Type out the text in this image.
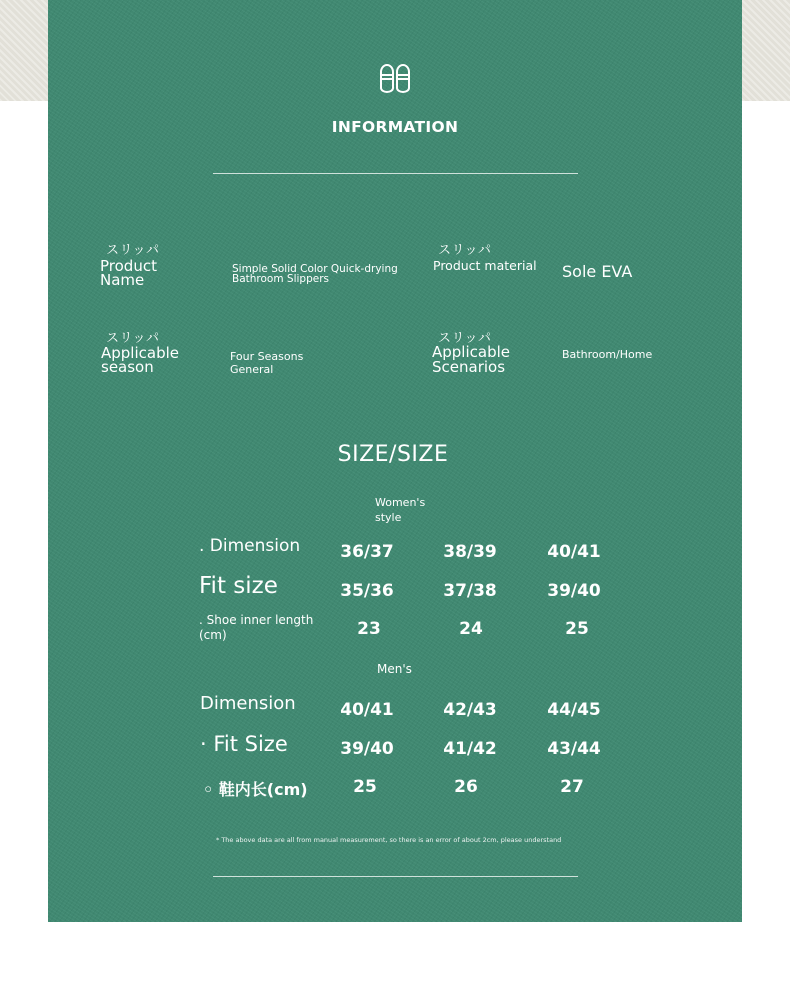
INFORMATION
スリッパ
Product Name
Simple Solid Color Quick-drying Bathroom Slippers
スリッパ
Product material Sole EVA
スリッパ
Applicable season
Four Seasons General
スリッパ
Applicable Scenarios
Bathroom/Home
SIZE/SIZE
Women's style
. Dimension	36/37	38/39	40/41
Fit size	35/36	37/38	39/40
. Shoe inner length (cm)	23	24	25
Men's
Dimension	40/41	42/43	44/45
· Fit Size	39/40	41/42	43/44
◦ 鞋内长(cm)	25	26	27
* The above data are all from manual measurement, so there is an error of about 2cm, please understand
